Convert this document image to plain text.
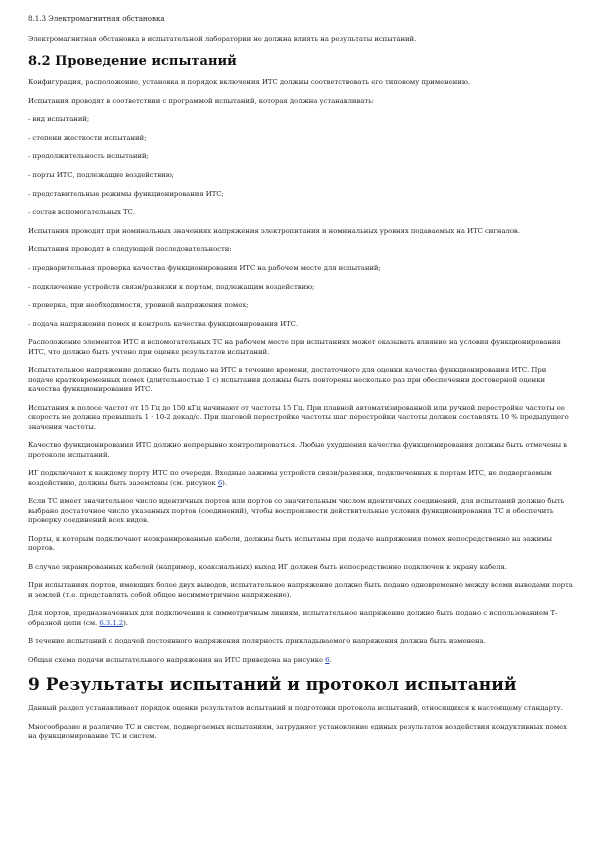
8.1.3 Электромагнитная обстановка
Электромагнитная обстановка в испытательной лаборатории не должна влиять на результаты испытаний.
8.2 Проведение испытаний
Конфигурация, расположение, установка и порядок включения ИТС должны соответствовать его типовому применению.
Испытания проводят в соответствии с программой испытаний, которая должна устанавливать:
- вид испытаний;
- степени жесткости испытаний;
- продолжительность испытаний;
- порты ИТС, подлежащие воздействию;
- представительные режимы функционирования ИТС;
- состав вспомогательных ТС.
Испытания проводят при номинальных значениях напряжения электропитания и номинальных уровнях подаваемых на ИТС сигналов.
Испытания проводят в следующей последовательности:
- предварительная проверка качества функционирования ИТС на рабочем месте для испытаний;
- подключение устройств связи/развязки к портам, подлежащим воздействию;
- проверка, при необходимости, уровней напряжения помех;
- подача напряжения помех и контроль качества функционирования ИТС.
Расположение элементов ИТС и вспомогательных ТС на рабочем месте при испытаниях может оказывать влияние на условия функционирования ИТС, что должно быть учтено при оценке результатов испытаний.
Испытательное напряжение должно быть подано на ИТС в течение времени, достаточного для оценки качества функционирования ИТС. При подаче кратковременных помех (длительностью 1 с) испытания должны быть повторены несколько раз при обеспечении достоверной оценки качества функционирования ИТС.
Испытания в полосе частот от 15 Гц до 150 кГц начинают от частоты 15 Гц. При плавной автоматизированной или ручной перестройке частоты ее скорость не должна превышать 1 · 10-2 декад/с. При шаговой перестройке частоты шаг перестройки частоты должен составлять 10 % предыдущего значения частоты.
Качество функционирования ИТС должно непрерывно контролироваться. Любые ухудшения качества функционирования должны быть отмечены в протоколе испытаний.
ИГ подключают к каждому порту ИТС по очереди. Входные зажимы устройств связи/развязки, подключенных к портам ИТС, не подвергаемым воздействию, должны быть заземлены (см. рисунок 6).
Если ТС имеет значительное число идентичных портов или портов со значительным числом идентичных соединений, для испытаний должно быть выбрано достаточное число указанных портов (соединений), чтобы воспроизвести действительные условия функционирования ТС и обеспечить проверку соединений всех видов.
Порты, к которым подключают неэкранированные кабели, должны быть испытаны при подаче напряжения помех непосредственно на зажимы портов.
В случае экранированных кабелей (например, коаксиальных) выход ИГ должен быть непосредственно подключен к экрану кабеля.
При испытаниях портов, имеющих более двух выводов, испытательное напряжение должно быть подано одновременно между всеми выводами порта и землей (т.е. представлять собой общее несимметричное напряжение).
Для портов, предназначенных для подключения к симметричным линиям, испытательное напряжение должно быть подано с использованием Т-образной цепи (см. 6.3.1.2).
В течение испытаний с подачей постоянного напряжения полярность прикладываемого напряжения должна быть изменена.
Общая схема подачи испытательного напряжения на ИТС приведена на рисунке 6.
9 Результаты испытаний и протокол испытаний
Данный раздел устанавливает порядок оценки результатов испытаний и подготовки протокола испытаний, относящихся к настоящему стандарту.
Многообразие и различие ТС и систем, подвергаемых испытаниям, затрудняет установление единых результатов воздействия кондуктивных помех на функционирование ТС и систем.
